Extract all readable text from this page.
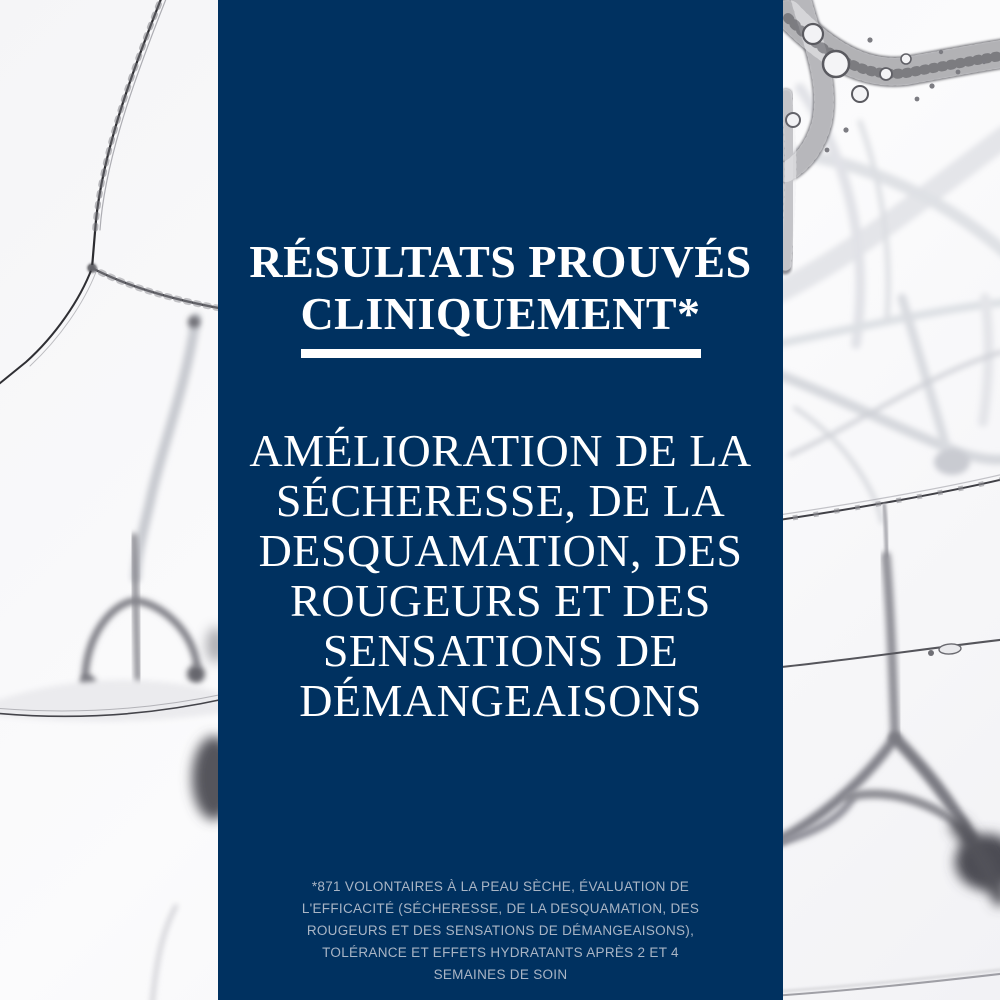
RÉSULTATS PROUVÉS
CLINIQUEMENT*
AMÉLIORATION DE LA
SÉCHERESSE, DE LA
DESQUAMATION, DES
ROUGEURS ET DES
SENSATIONS DE
DÉMANGEAISONS
*871 VOLONTAIRES À LA PEAU SÈCHE, ÉVALUATION DE
L'EFFICACITÉ (SÉCHERESSE, DE LA DESQUAMATION, DES
ROUGEURS ET DES SENSATIONS DE DÉMANGEAISONS),
TOLÉRANCE ET EFFETS HYDRATANTS APRÈS 2 ET 4
SEMAINES DE SOIN
